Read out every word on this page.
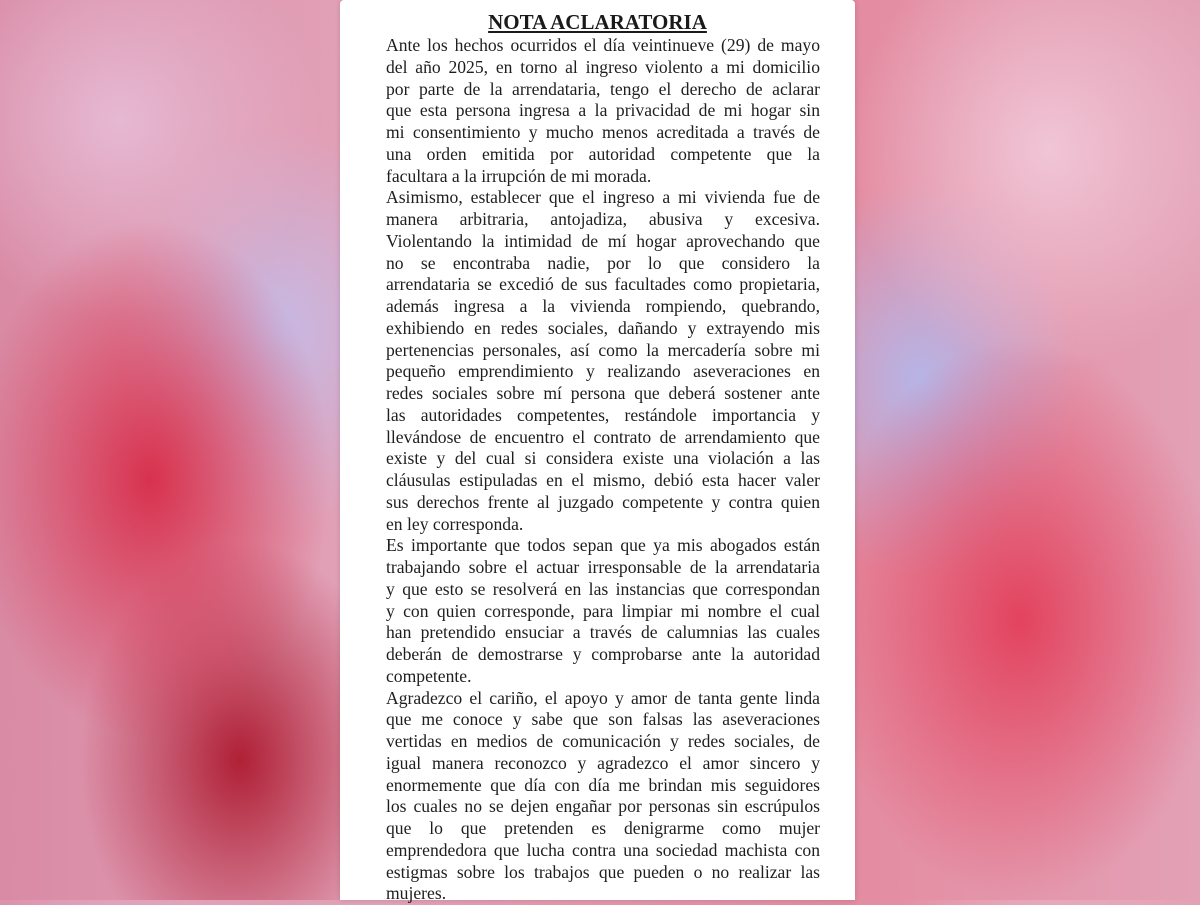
NOTA ACLARATORIA
Ante los hechos ocurridos el día veintinueve (29) de mayo
del año 2025, en torno al ingreso violento a mi domicilio
por parte de la arrendataria, tengo el derecho de aclarar
que esta persona ingresa a la privacidad de mi hogar sin
mi consentimiento y mucho menos acreditada a través de
una orden emitida por autoridad competente que la
facultara a la irrupción de mi morada.
Asimismo, establecer que el ingreso a mi vivienda fue de
manera arbitraria, antojadiza, abusiva y excesiva.
Violentando la intimidad de mí hogar aprovechando que
no se encontraba nadie, por lo que considero la
arrendataria se excedió de sus facultades como propietaria,
además ingresa a la vivienda rompiendo, quebrando,
exhibiendo en redes sociales, dañando y extrayendo mis
pertenencias personales, así como la mercadería sobre mi
pequeño emprendimiento y realizando aseveraciones en
redes sociales sobre mí persona que deberá sostener ante
las autoridades competentes, restándole importancia y
llevándose de encuentro el contrato de arrendamiento que
existe y del cual si considera existe una violación a las
cláusulas estipuladas en el mismo, debió esta hacer valer
sus derechos frente al juzgado competente y contra quien
en ley corresponda.
Es importante que todos sepan que ya mis abogados están
trabajando sobre el actuar irresponsable de la arrendataria
y que esto se resolverá en las instancias que correspondan
y con quien corresponde, para limpiar mi nombre el cual
han pretendido ensuciar a través de calumnias las cuales
deberán de demostrarse y comprobarse ante la autoridad
competente.
Agradezco el cariño, el apoyo y amor de tanta gente linda
que me conoce y sabe que son falsas las aseveraciones
vertidas en medios de comunicación y redes sociales, de
igual manera reconozco y agradezco el amor sincero y
enormemente que día con día me brindan mis seguidores
los cuales no se dejen engañar por personas sin escrúpulos
que lo que pretenden es denigrarme como mujer
emprendedora que lucha contra una sociedad machista con
estigmas sobre los trabajos que pueden o no realizar las
mujeres.
